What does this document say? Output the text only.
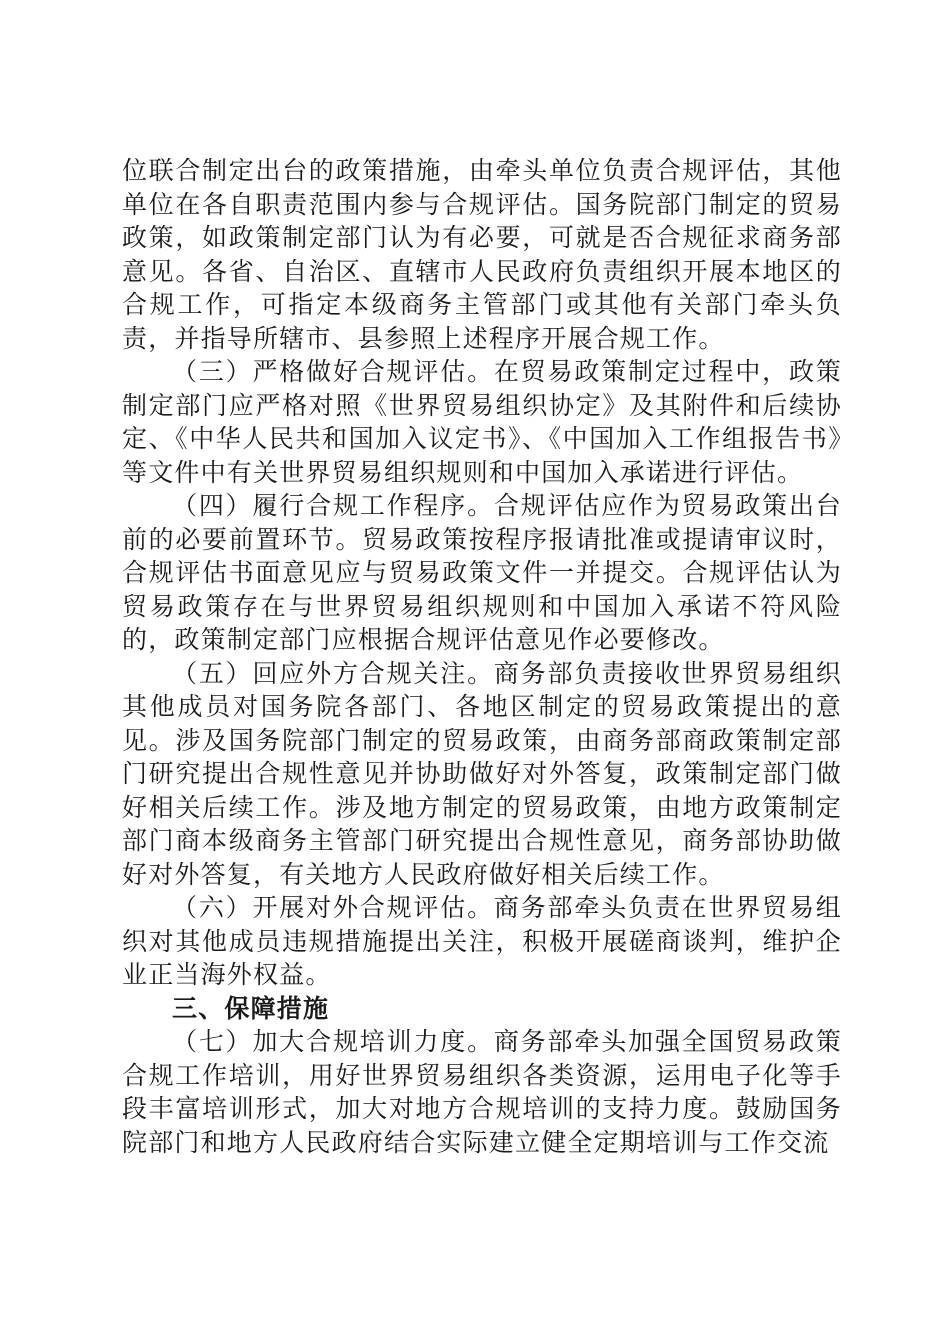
位联合制定出台的政策措施，由牵头单位负责合规评估，其他单位在各自职责范围内参与合规评估。国务院部门制定的贸易政策，如政策制定部门认为有必要，可就是否合规征求商务部意见。各省、自治区、直辖市人民政府负责组织开展本地区的合规工作，可指定本级商务主管部门或其他有关部门牵头负责，并指导所辖市、县参照上述程序开展合规工作。

（三）严格做好合规评估。在贸易政策制定过程中，政策制定部门应严格对照《世界贸易组织协定》及其附件和后续协定、《中华人民共和国加入议定书》、《中国加入工作组报告书》等文件中有关世界贸易组织规则和中国加入承诺进行评估。

（四）履行合规工作程序。合规评估应作为贸易政策出台前的必要前置环节。贸易政策按程序报请批准或提请审议时，合规评估书面意见应与贸易政策文件一并提交。合规评估认为贸易政策存在与世界贸易组织规则和中国加入承诺不符风险的，政策制定部门应根据合规评估意见作必要修改。

（五）回应外方合规关注。商务部负责接收世界贸易组织其他成员对国务院各部门、各地区制定的贸易政策提出的意见。涉及国务院部门制定的贸易政策，由商务部商政策制定部门研究提出合规性意见并协助做好对外答复，政策制定部门做好相关后续工作。涉及地方制定的贸易政策，由地方政策制定部门商本级商务主管部门研究提出合规性意见，商务部协助做好对外答复，有关地方人民政府做好相关后续工作。

（六）开展对外合规评估。商务部牵头负责在世界贸易组织对其他成员违规措施提出关注，积极开展磋商谈判，维护企业正当海外权益。

三、保障措施

（七）加大合规培训力度。商务部牵头加强全国贸易政策合规工作培训，用好世界贸易组织各类资源，运用电子化等手段丰富培训形式，加大对地方合规培训的支持力度。鼓励国务院部门和地方人民政府结合实际建立健全定期培训与工作交流
